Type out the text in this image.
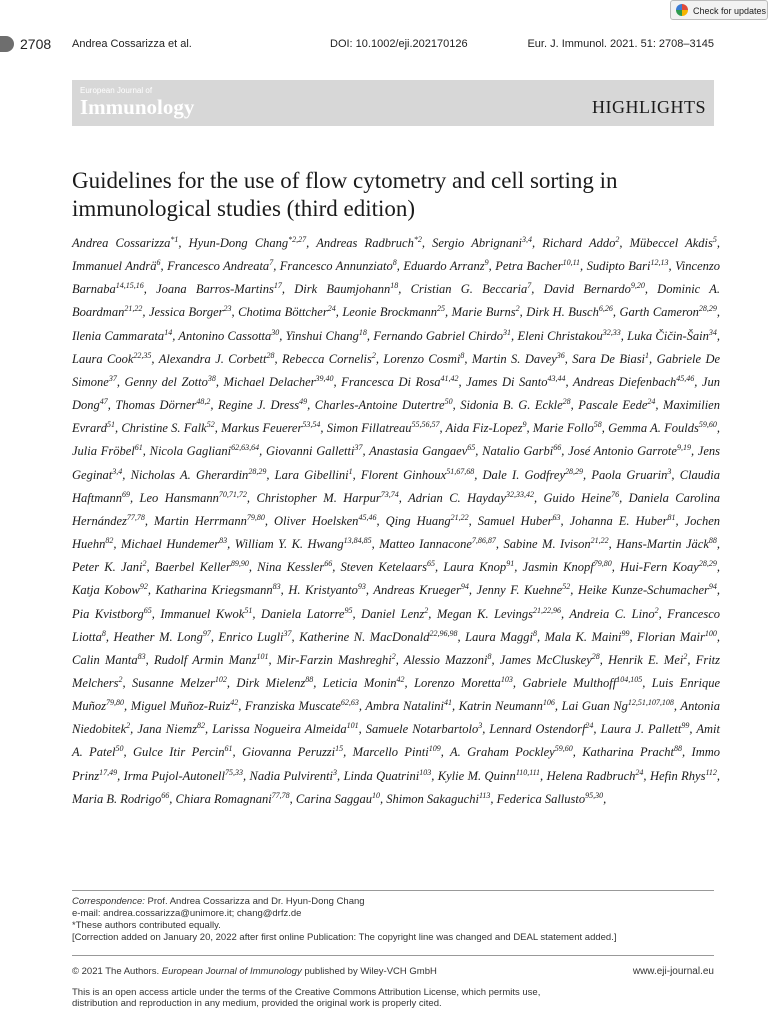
2708 Andrea Cossarizza et al.	DOI: 10.1002/eji.202170126	Eur. J. Immunol. 2021. 51: 2708–3145
Check for updates
European Journal of
Immunology	HIGHLIGHTS
Guidelines for the use of flow cytometry and cell sorting in immunological studies (third edition)
Andrea Cossarizza$^{*1}$, Hyun-Dong Chang$^{*2,27}$, Andreas Radbruch$^{*2}$, Sergio Abrignani$^{3,4}$, Richard Addo$^2$, Mübeccel Akdis$^5$, Immanuel Andrä$^6$, Francesco Andreata$^7$, Francesco Annunziato$^8$, Eduardo Arranz$^9$, Petra Bacher$^{10,11}$, Sudipto Bari$^{12,13}$, Vincenzo Barnaba$^{14,15,16}$, Joana Barros-Martins$^{17}$, Dirk Baumjohann$^{18}$, Cristian G. Beccaria$^7$, David Bernardo$^{9,20}$, Dominic A. Boardman$^{21,22}$, Jessica Borger$^{23}$, Chotima Böttcher$^{24}$, Leonie Brockmann$^{25}$, Marie Burns$^2$, Dirk H. Busch$^{6,26}$, Garth Cameron$^{28,29}$, Ilenia Cammarata$^{14}$, Antonino Cassotta$^{30}$, Yinshui Chang$^{18}$, Fernando Gabriel Chirdo$^{31}$, Eleni Christakou$^{32,33}$, Luka Čičin-Šain$^{34}$, Laura Cook$^{22,35}$, Alexandra J. Corbett$^{28}$, Rebecca Cornelis$^2$, Lorenzo Cosmi$^8$, Martin S. Davey$^{36}$, Sara De Biasi$^1$, Gabriele De Simone$^{37}$, Genny del Zotto$^{38}$, Michael Delacher$^{39,40}$, Francesca Di Rosa$^{41,42}$, James Di Santo$^{43,44}$, Andreas Diefenbach$^{45,46}$, Jun Dong$^{47}$, Thomas Dörner$^{48,2}$, Regine J. Dress$^{49}$, Charles-Antoine Dutertre$^{50}$, Sidonia B. G. Eckle$^{28}$, Pascale Eede$^{24}$, Maximilien Evrard$^{51}$, Christine S. Falk$^{52}$, Markus Feuerer$^{53,54}$, Simon Fillatreau$^{55,56,57}$, Aida Fiz-Lopez$^9$, Marie Follo$^{58}$, Gemma A. Foulds$^{59,60}$, Julia Fröbel$^{61}$, Nicola Gagliani$^{62,63,64}$, Giovanni Galletti$^{37}$, Anastasia Gangaev$^{65}$, Natalio Garbi$^{66}$, José Antonio Garrote$^{9,19}$, Jens Geginat$^{3,4}$, Nicholas A. Gherardin$^{28,29}$, Lara Gibellini$^1$, Florent Ginhoux$^{51,67,68}$, Dale I. Godfrey$^{28,29}$, Paola Gruarin$^3$, Claudia Haftmann$^{69}$, Leo Hansmann$^{70,71,72}$, Christopher M. Harpur$^{73,74}$, Adrian C. Hayday$^{32,33,42}$, Guido Heine$^{76}$, Daniela Carolina Hernández$^{77,78}$, Martin Herrmann$^{79,80}$, Oliver Hoelsken$^{45,46}$, Qing Huang$^{21,22}$, Samuel Huber$^{63}$, Johanna E. Huber$^{81}$, Jochen Huehn$^{82}$, Michael Hundemer$^{83}$, William Y. K. Hwang$^{13,84,85}$, Matteo Iannacone$^{7,86,87}$, Sabine M. Ivison$^{21,22}$, Hans-Martin Jäck$^{88}$, Peter K. Jani$^2$, Baerbel Keller$^{89,90}$, Nina Kessler$^{66}$, Steven Ketelaars$^{65}$, Laura Knop$^{91}$, Jasmin Knopf$^{79,80}$, Hui-Fern Koay$^{28,29}$, Katja Kobow$^{92}$, Katharina Kriegsmann$^{83}$, H. Kristyanto$^{93}$, Andreas Krueger$^{94}$, Jenny F. Kuehne$^{52}$, Heike Kunze-Schumacher$^{94}$, Pia Kvistborg$^{65}$, Immanuel Kwok$^{51}$, Daniela Latorre$^{95}$, Daniel Lenz$^2$, Megan K. Levings$^{21,22,96}$, Andreia C. Lino$^2$, Francesco Liotta$^8$, Heather M. Long$^{97}$, Enrico Lugli$^{37}$, Katherine N. MacDonald$^{22,96,98}$, Laura Maggi$^8$, Mala K. Maini$^{99}$, Florian Mair$^{100}$, Calin Manta$^{83}$, Rudolf Armin Manz$^{101}$, Mir-Farzin Mashreghi$^2$, Alessio Mazzoni$^8$, James McCluskey$^{28}$, Henrik E. Mei$^2$, Fritz Melchers$^2$, Susanne Melzer$^{102}$, Dirk Mielenz$^{88}$, Leticia Monin$^{42}$, Lorenzo Moretta$^{103}$, Gabriele Multhoff$^{104,105}$, Luis Enrique Muñoz$^{79,80}$, Miguel Muñoz-Ruiz$^{42}$, Franziska Muscate$^{62,63}$, Ambra Natalini$^{41}$, Katrin Neumann$^{106}$, Lai Guan Ng$^{12,51,107,108}$, Antonia Niedobitek$^2$, Jana Niemz$^{82}$, Larissa Nogueira Almeida$^{101}$, Samuele Notarbartolo$^3$, Lennard Ostendorf$^{24}$, Laura J. Pallett$^{99}$, Amit A. Patel$^{50}$, Gulce Itir Percin$^{61}$, Giovanna Peruzzi$^{15}$, Marcello Pinti$^{109}$, A. Graham Pockley$^{59,60}$, Katharina Pracht$^{88}$, Immo Prinz$^{17,49}$, Irma Pujol-Autonell$^{75,33}$, Nadia Pulvirenti$^3$, Linda Quatrini$^{103}$, Kylie M. Quinn$^{110,111}$, Helena Radbruch$^{24}$, Hefin Rhys$^{112}$, Maria B. Rodrigo$^{66}$, Chiara Romagnani$^{77,78}$, Carina Saggau$^{10}$, Shimon Sakaguchi$^{113}$, Federica Sallusto$^{95,30}$,
Correspondence: Prof. Andrea Cossarizza and Dr. Hyun-Dong Chang
e-mail: andrea.cossarizza@unimore.it; chang@drfz.de
*These authors contributed equally.
[Correction added on January 20, 2022 after first online Publication: The copyright line was changed and DEAL statement added.]
© 2021 The Authors. European Journal of Immunology published by Wiley-VCH GmbH	www.eji-journal.eu
This is an open access article under the terms of the Creative Commons Attribution License, which permits use, distribution and reproduction in any medium, provided the original work is properly cited.
